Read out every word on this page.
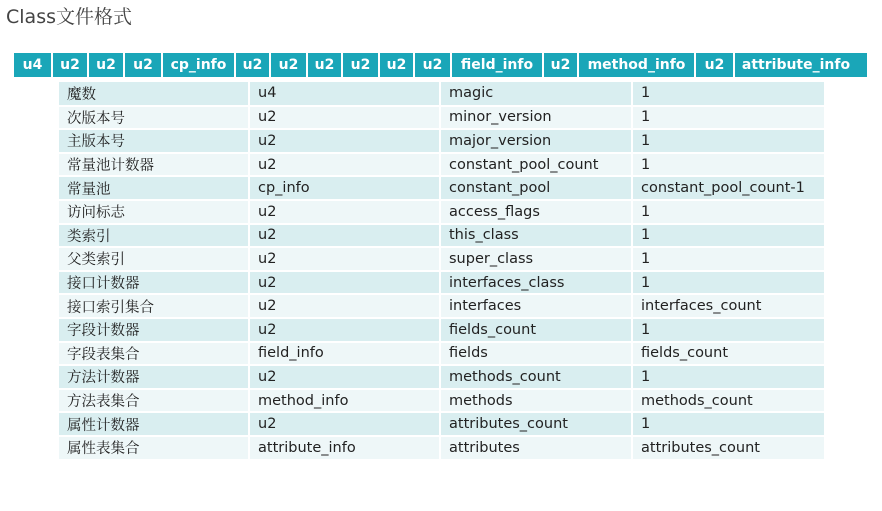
Class文件格式
u4	u2	u2	u2	cp_info	u2	u2	u2	u2	u2	u2	field_info	u2	method_info	u2	attribute_info
魔数	u4	magic	1
次版本号	u2	minor_version	1
主版本号	u2	major_version	1
常量池计数器	u2	constant_pool_count	1
常量池	cp_info	constant_pool	constant_pool_count-1
访问标志	u2	access_flags	1
类索引	u2	this_class	1
父类索引	u2	super_class	1
接口计数器	u2	interfaces_class	1
接口索引集合	u2	interfaces	interfaces_count
字段计数器	u2	fields_count	1
字段表集合	field_info	fields	fields_count
方法计数器	u2	methods_count	1
方法表集合	method_info	methods	methods_count
属性计数器	u2	attributes_count	1
属性表集合	attribute_info	attributes	attributes_count
